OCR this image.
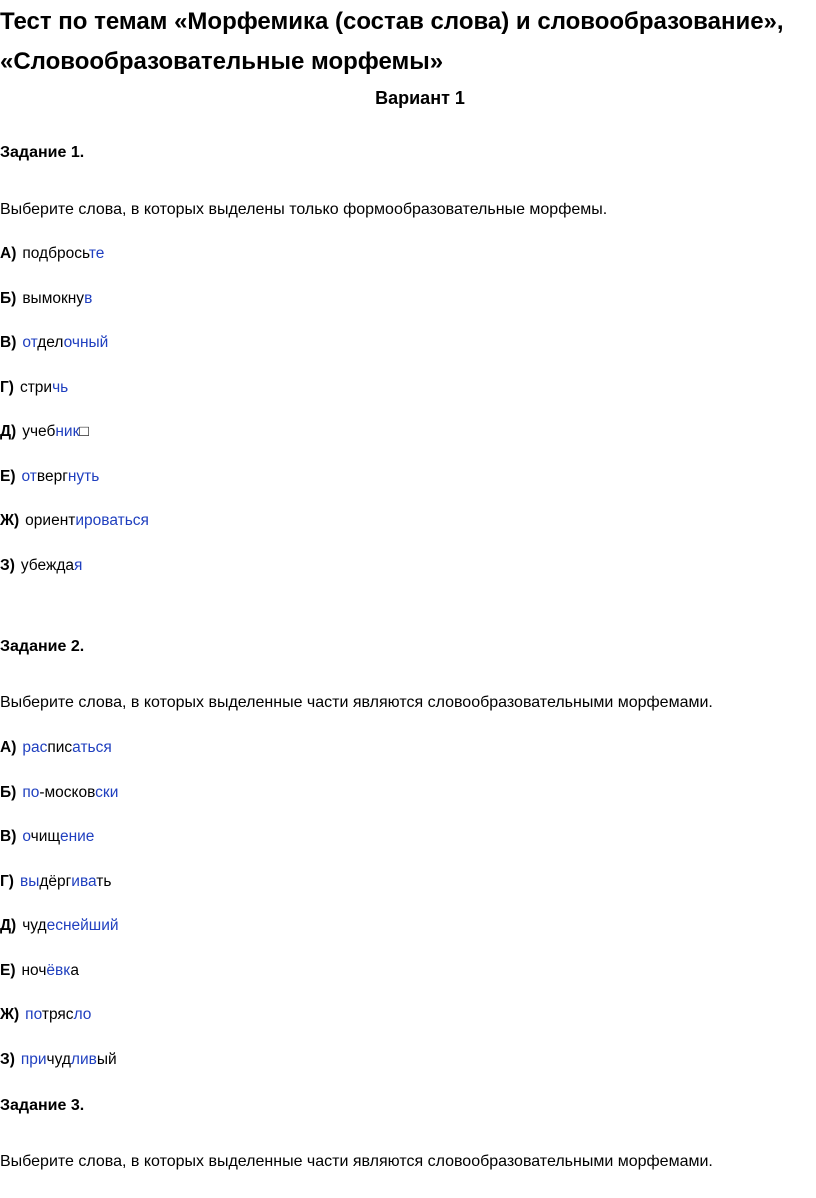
Тест по темам «Морфемика (состав слова) и словообразование», «Словообразовательные морфемы»
Вариант 1
Задание 1.
Выберите слова, в которых выделены только формообразовательные морфемы.
А) подбросьте
Б) вымокнув
В) отделочный
Г) стричь
Д) учебник□
Е) отвергнуть
Ж) ориентироваться
З) убеждая
Задание 2.
Выберите слова, в которых выделенные части являются словообразовательными морфемами.
А) расписаться
Б) по-московски
В) очищение
Г) выдёргивать
Д) чудеснейший
Е) ночёвка
Ж) потрясло
З) причудливый
Задание 3.
Выберите слова, в которых выделенные части являются словообразовательными морфемами.
